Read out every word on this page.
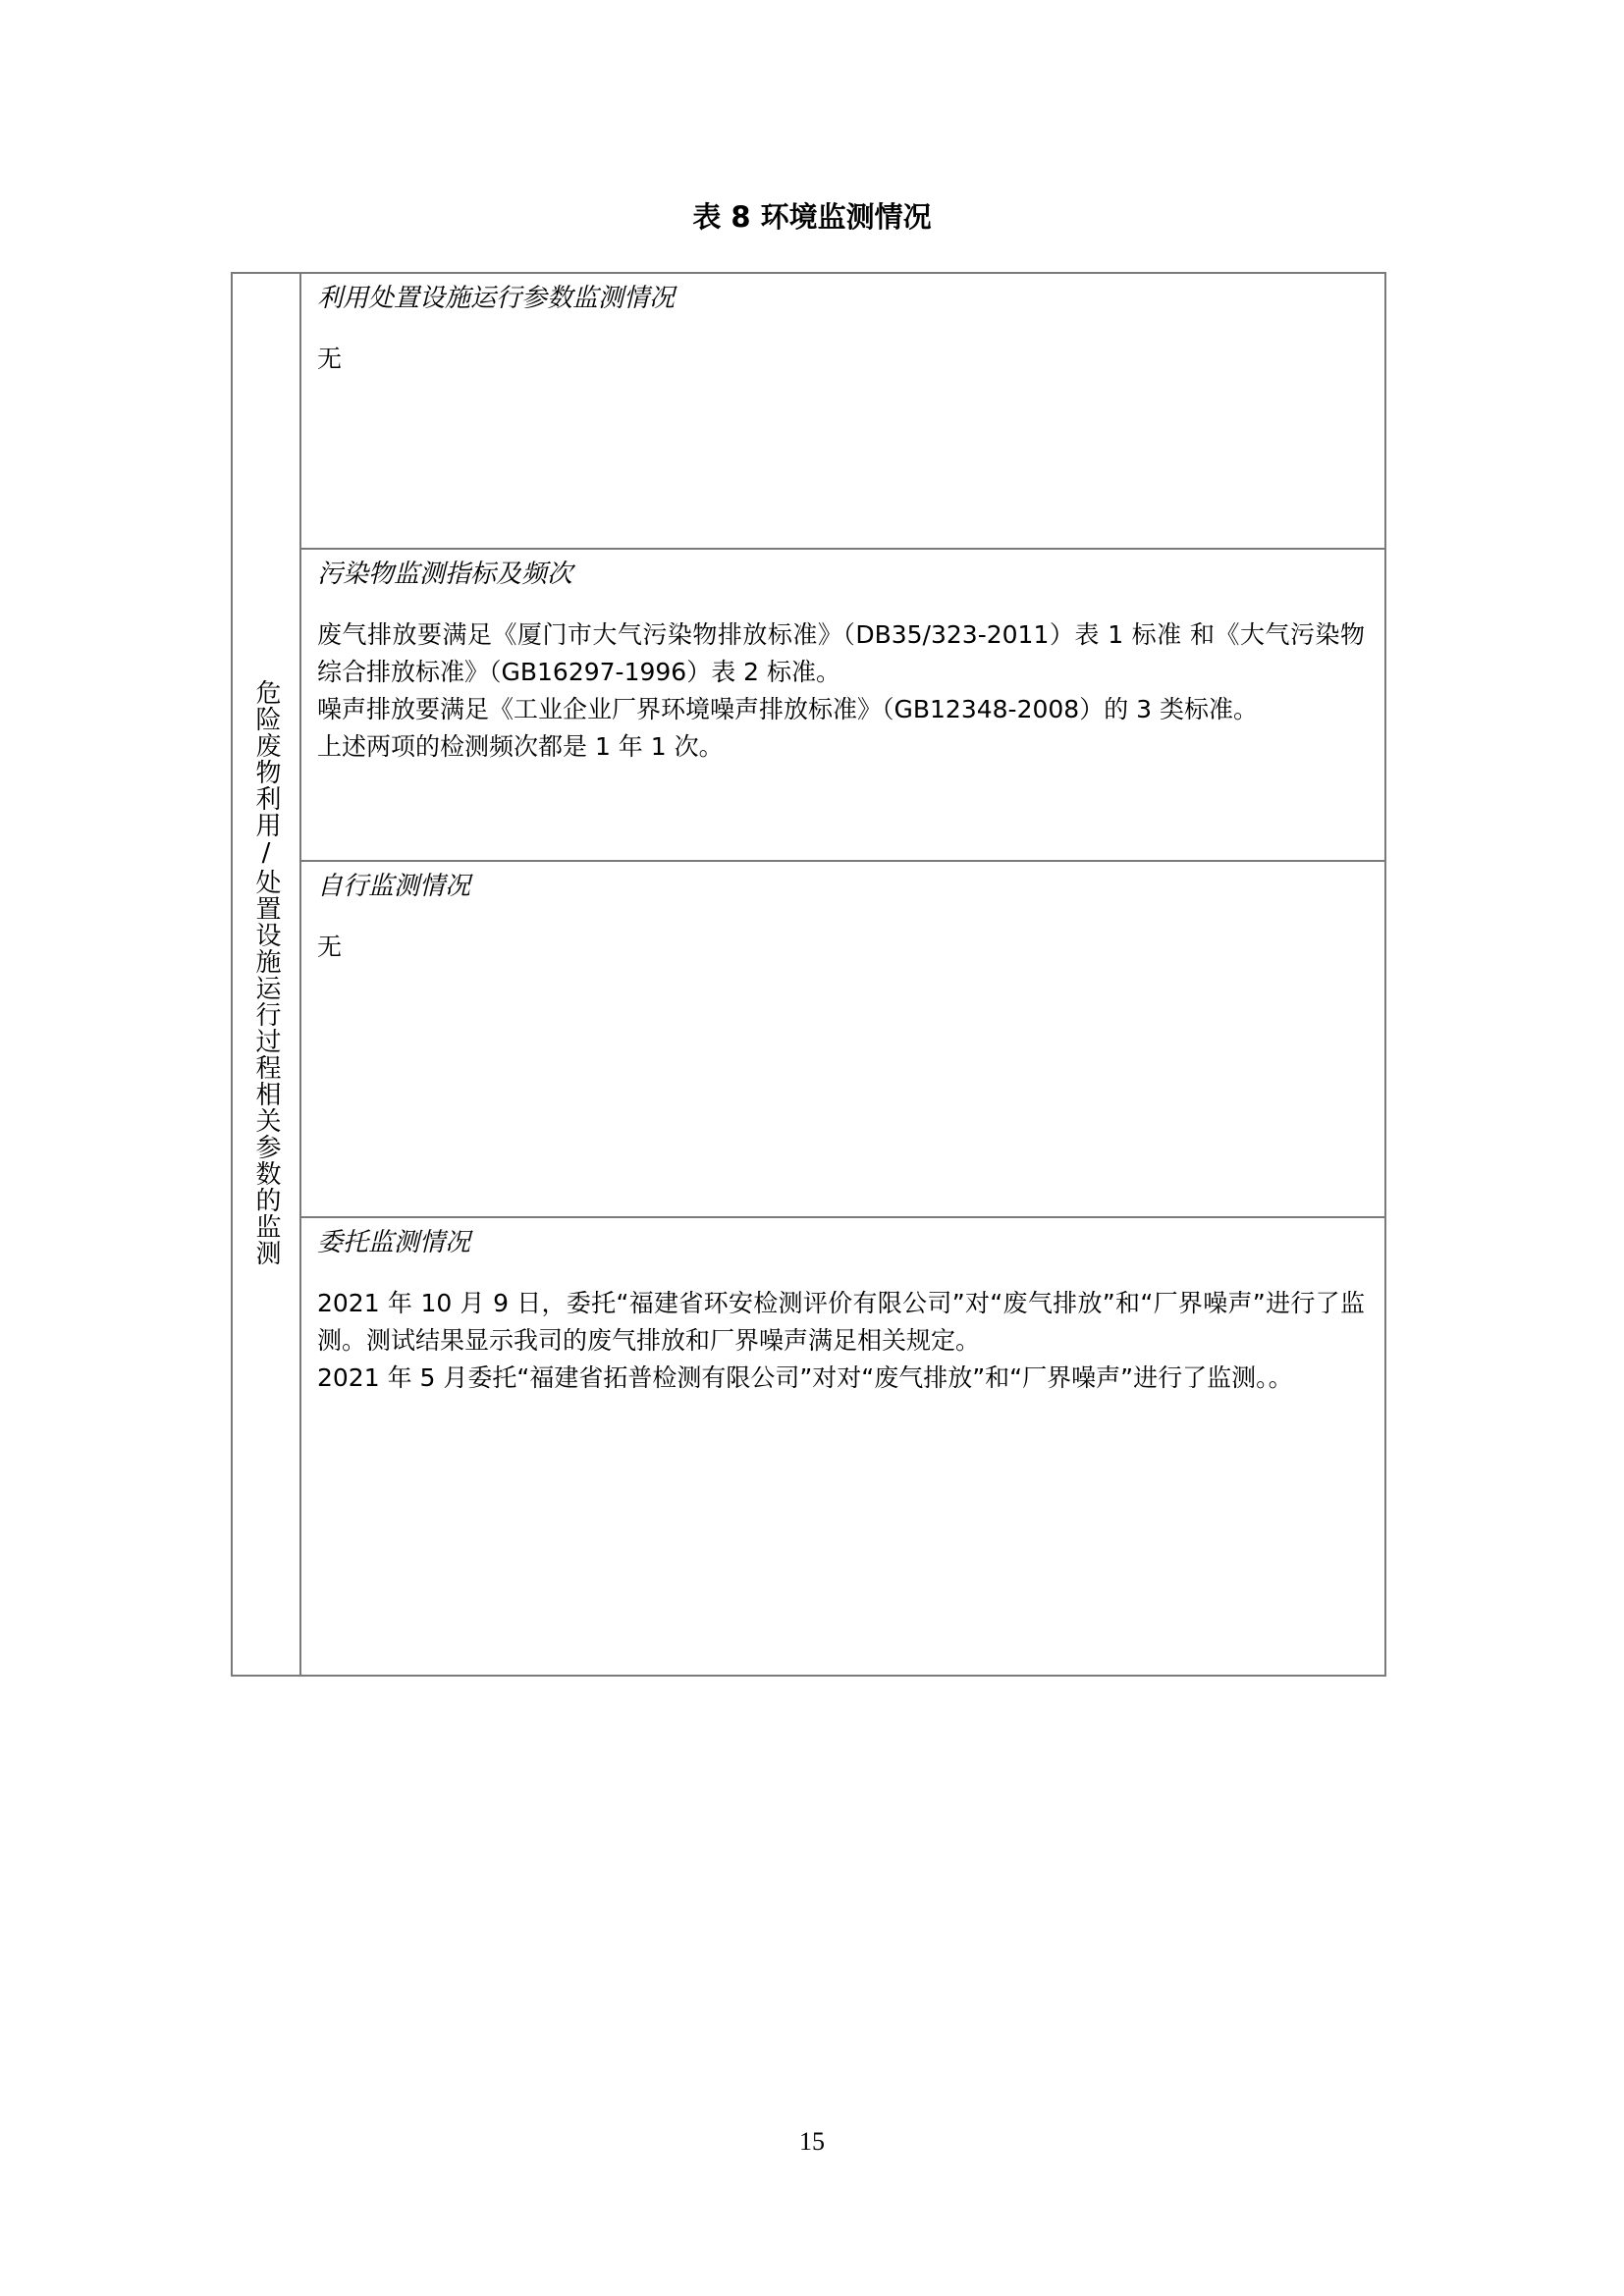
表 8 环境监测情况
危险废物利用/处置设施运行过程相关参数的监测	
利用处置设施运行参数监测情况

无

污染物监测指标及频次

废气排放要满足《厦门市大气污染物排放标准》（DB35/323-2011）表 1 标准 和《大气污染物综合排放标准》（GB16297-1996）表 2 标准。

噪声排放要满足《工业企业厂界环境噪声排放标准》（GB12348-2008）的 3 类标准。

上述两项的检测频次都是 1 年 1 次。

自行监测情况

无

委托监测情况

2021 年 10 月 9 日，委托“福建省环安检测评价有限公司”对“废气排放”和“厂界噪声”进行了监测。测试结果显示我司的废气排放和厂界噪声满足相关规定。

2021 年 5 月委托“福建省拓普检测有限公司”对对“废气排放”和“厂界噪声”进行了监测。。

15
